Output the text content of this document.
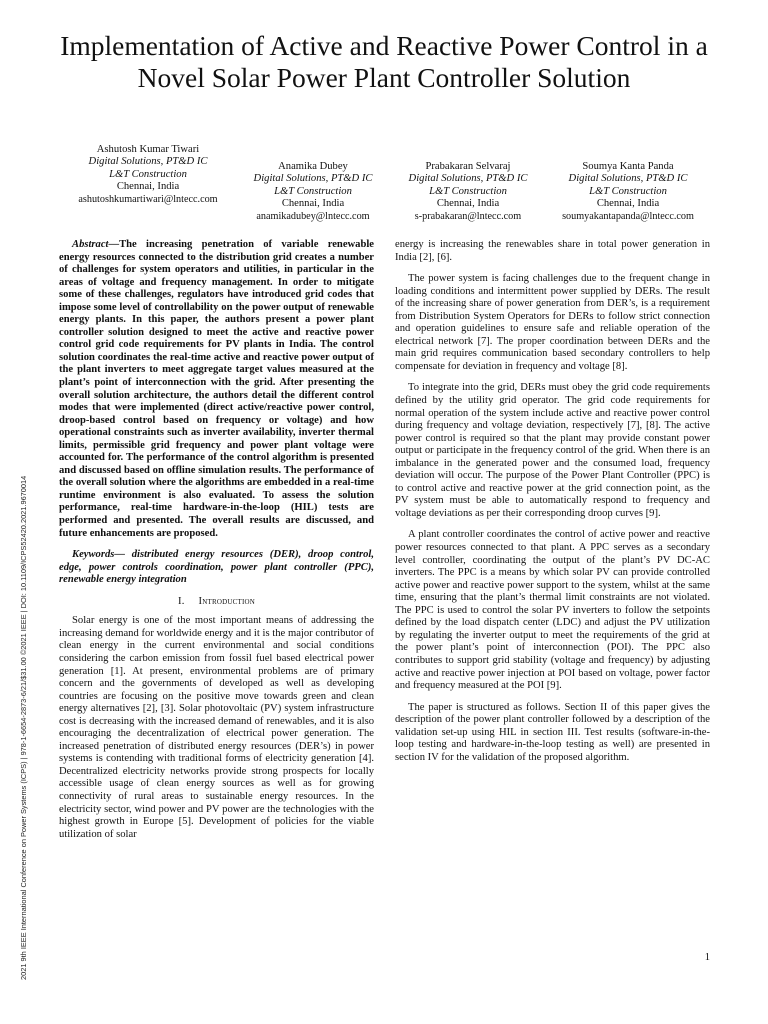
Implementation of Active and Reactive Power Control in a Novel Solar Power Plant Controller Solution
Ashutosh Kumar Tiwari
Digital Solutions, PT&D IC
L&T Construction
Chennai, India
ashutoshkumartiwari@lntecc.com
Anamika Dubey
Digital Solutions, PT&D IC
L&T Construction
Chennai, India
anamikadubey@lntecc.com
Prabakaran Selvaraj
Digital Solutions, PT&D IC
L&T Construction
Chennai, India
s-prabakaran@lntecc.com
Soumya Kanta Panda
Digital Solutions, PT&D IC
L&T Construction
Chennai, India
soumyakantapanda@lntecc.com
2021 9th IEEE International Conference on Power Systems (ICPS) | 978-1-6654-2873-6/21/$31.00 ©2021 IEEE | DOI: 10.1109/ICPS52420.2021.9670014

Abstract—The increasing penetration of variable renewable energy resources connected to the distribution grid creates a number of challenges for system operators and utilities, in particular in the areas of voltage and frequency management. In order to mitigate some of these challenges, regulators have introduced grid codes that impose some level of controllability on the power output of renewable energy plants. In this paper, the authors present a power plant controller solution designed to meet the active and reactive power control grid code requirements for PV plants in India. The control solution coordinates the real-time active and reactive power output of the plant inverters to meet aggregate target values measured at the plant’s point of interconnection with the grid. After presenting the overall solution architecture, the authors detail the different control modes that were implemented (direct active/reactive power control, droop-based control based on frequency or voltage) and how operational constraints such as inverter availability, inverter thermal limits, permissible grid frequency and power plant voltage were accounted for. The performance of the control algorithm is presented and discussed based on offline simulation results. The performance of the overall solution where the algorithms are embedded in a real-time runtime environment is also evaluated. To assess the solution performance, real-time hardware-in-the-loop (HIL) tests are performed and presented. The overall results are discussed, and future enhancements are proposed.

Keywords— distributed energy resources (DER), droop control, edge, power controls coordination, power plant controller (PPC), renewable energy integration

I. Introduction

Solar energy is one of the most important means of addressing the increasing demand for worldwide energy and it is the major contributor of clean energy in the current environmental and social conditions considering the carbon emission from fossil fuel based electrical power generation [1]. At present, environmental problems are of primary concern and the governments of developed as well as developing countries are focusing on the positive move towards green and clean energy alternatives [2], [3]. Solar photovoltaic (PV) system infrastructure cost is decreasing with the increased demand of renewables, and it is also encouraging the decentralization of electrical power generation. The increased penetration of distributed energy resources (DER’s) in power systems is contending with traditional forms of electricity generation [4]. Decentralized electricity networks provide strong prospects for locally accessible usage of clean energy sources as well as for growing connectivity of rural areas to sustainable energy resources. In the electricity sector, wind power and PV power are the technologies with the highest growth in Europe [5]. Development of policies for the viable utilization of solar

energy is increasing the renewables share in total power generation in India [2], [6].

The power system is facing challenges due to the frequent change in loading conditions and intermittent power supplied by DERs. The result of the increasing share of power generation from DER’s, is a requirement from Distribution System Operators for DERs to follow strict connection and operation guidelines to ensure safe and reliable operation of the electrical network [7]. The proper coordination between DERs and the main grid requires communication based secondary controllers to help compensate for deviation in frequency and voltage [8].

To integrate into the grid, DERs must obey the grid code requirements defined by the utility grid operator. The grid code requirements for normal operation of the system include active and reactive power control during frequency and voltage deviation, respectively [7], [8]. The active power control is required so that the plant may provide constant power output or participate in the frequency control of the grid. When there is an imbalance in the generated power and the consumed load, frequency deviation will occur. The purpose of the Power Plant Controller (PPC) is to control active and reactive power at the grid connection point, as the PV system must be able to automatically respond to frequency and voltage deviations as per their corresponding droop curves [9].

A plant controller coordinates the control of active power and reactive power resources connected to that plant. A PPC serves as a secondary level controller, coordinating the output of the plant’s PV DC-AC inverters. The PPC is a means by which solar PV can provide controlled active power and reactive power support to the system, whilst at the same time, ensuring that the plant’s thermal limit constraints are not violated. The PPC is used to control the solar PV inverters to follow the setpoints defined by the load dispatch center (LDC) and adjust the PV utilization by regulating the inverter output to meet the requirements of the grid at the power plant’s point of interconnection (POI). The PPC also contributes to support grid stability (voltage and frequency) by adjusting active and reactive power injection at POI based on voltage, power factor and frequency measured at the POI [9].

The paper is structured as follows. Section II of this paper gives the description of the power plant controller followed by a description of the validation set-up using HIL in section III. Test results (software-in-the-loop testing and hardware-in-the-loop testing as well) are presented in section IV for the validation of the proposed algorithm.

1
